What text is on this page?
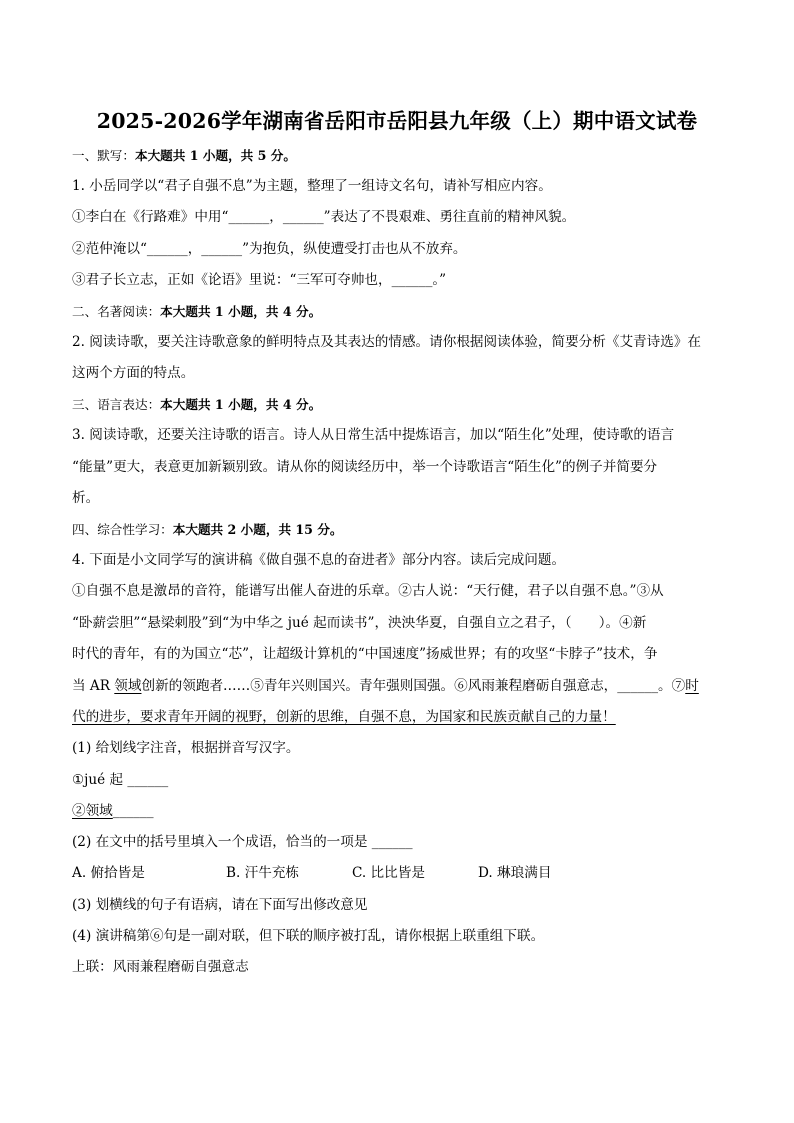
2025-2026学年湖南省岳阳市岳阳县九年级（上）期中语文试卷
一、默写：本大题共 1 小题，共 5 分。
1. 小岳同学以“君子自强不息”为主题，整理了一组诗文名句，请补写相应内容。
①李白在《行路难》中用“______，______”表达了不畏艰难、勇往直前的精神风貌。
②范仲淹以“______，______”为抱负，纵使遭受打击也从不放弃。
③君子长立志，正如《论语》里说：“三军可夺帅也，______。”
二、名著阅读：本大题共 1 小题，共 4 分。
2. 阅读诗歌，要关注诗歌意象的鲜明特点及其表达的情感。请你根据阅读体验，简要分析《艾青诗选》在
这两个方面的特点。
三、语言表达：本大题共 1 小题，共 4 分。
3. 阅读诗歌，还要关注诗歌的语言。诗人从日常生活中提炼语言，加以“陌生化”处理，使诗歌的语言
“能量”更大，表意更加新颖别致。请从你的阅读经历中，举一个诗歌语言“陌生化”的例子并简要分
析。
四、综合性学习：本大题共 2 小题，共 15 分。
4. 下面是小文同学写的演讲稿《做自强不息的奋进者》部分内容。读后完成问题。
①自强不息是激昂的音符，能谱写出催人奋进的乐章。②古人说：“天行健，君子以自强不息。”③从
“卧薪尝胆”“悬梁刺股”到“为中华之 jué 起而读书”，泱泱华夏，自强自立之君子，（　　）。④新
时代的青年，有的为国立“芯”，让超级计算机的“中国速度”扬威世界；有的攻坚“卡脖子”技术，争
当 AR 领域创新的领跑者……⑤青年兴则国兴。青年强则国强。⑥风雨兼程磨砺自强意志，______。⑦时
代的进步，要求青年开阔的视野，创新的思维，自强不息，为国家和民族贡献自己的力量！
(1) 给划线字注音，根据拼音写汉字。
①jué 起 ______
②领域______
(2) 在文中的括号里填入一个成语，恰当的一项是 ______
A. 俯拾皆是	B. 汗牛充栋	C. 比比皆是	D. 琳琅满目
(3) 划横线的句子有语病，请在下面写出修改意见
(4) 演讲稿第⑥句是一副对联，但下联的顺序被打乱，请你根据上联重组下联。
上联：风雨兼程磨砺自强意志
